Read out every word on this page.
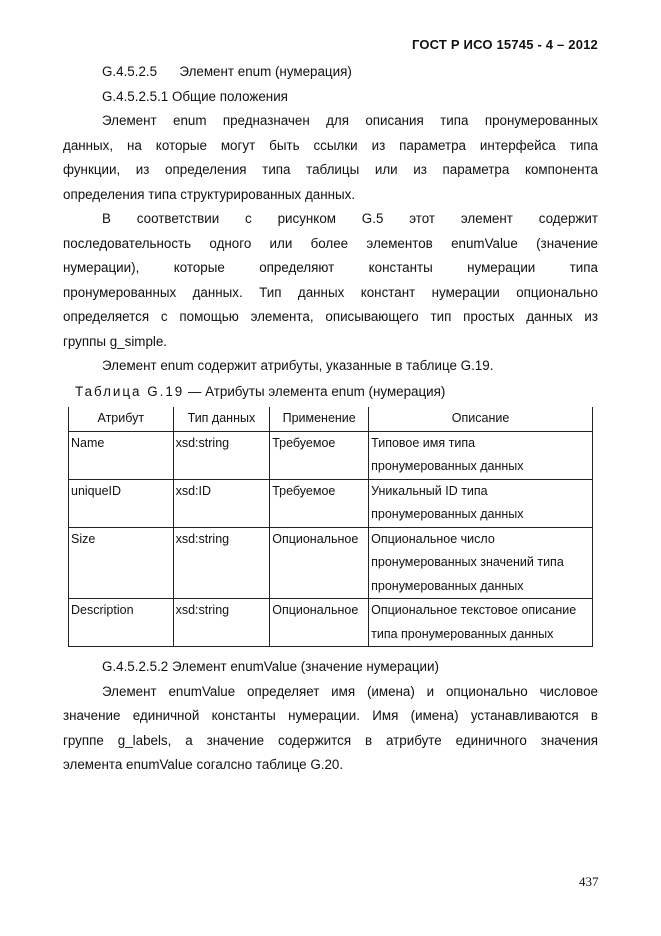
ГОСТ Р ИСО 15745 - 4 – 2012
G.4.5.2.5      Элемент enum (нумерация)
G.4.5.2.5.1 Общие положения

Элемент enum предназначен для описания типа пронумерованных
данных, на которые могут быть ссылки из параметра интерфейса типа
функции, из определения типа таблицы или из параметра компонента
определения типа структурированных данных.

В соответствии с рисунком G.5 этот элемент содержит
последовательность одного или более элементов enumValue (значение
нумерации), которые определяют константы нумерации типа
пронумерованных данных. Тип данных констант нумерации опционально
определяется с помощью элемента, описывающего тип простых данных из
группы g_simple.

Элемент enum содержит атрибуты, указанные в таблице G.19.
Таблица G.19 — Атрибуты элемента enum (нумерация)
Атрибут	Тип данных	Применение	Описание
Name	xsd:string	Требуемое	Типовое имя типа
пронумерованных данных

uniqueID	xsd:ID	Требуемое	Уникальный ID типа
пронумерованных данных

Size	xsd:string	Опциональное	Опциональное число
пронумерованных значений типа
пронумерованных данных

Description	xsd:string	Опциональное	Опциональное текстовое описание
типа пронумерованных данных
G.4.5.2.5.2 Элемент enumValue (значение нумерации)

Элемент enumValue определяет имя (имена) и опционально числовое
значение единичной константы нумерации. Имя (имена) устанавливаются в
группе g_labels, а значение содержится в атрибуте единичного значения
элемента enumValue согалсно таблице G.20.

437
